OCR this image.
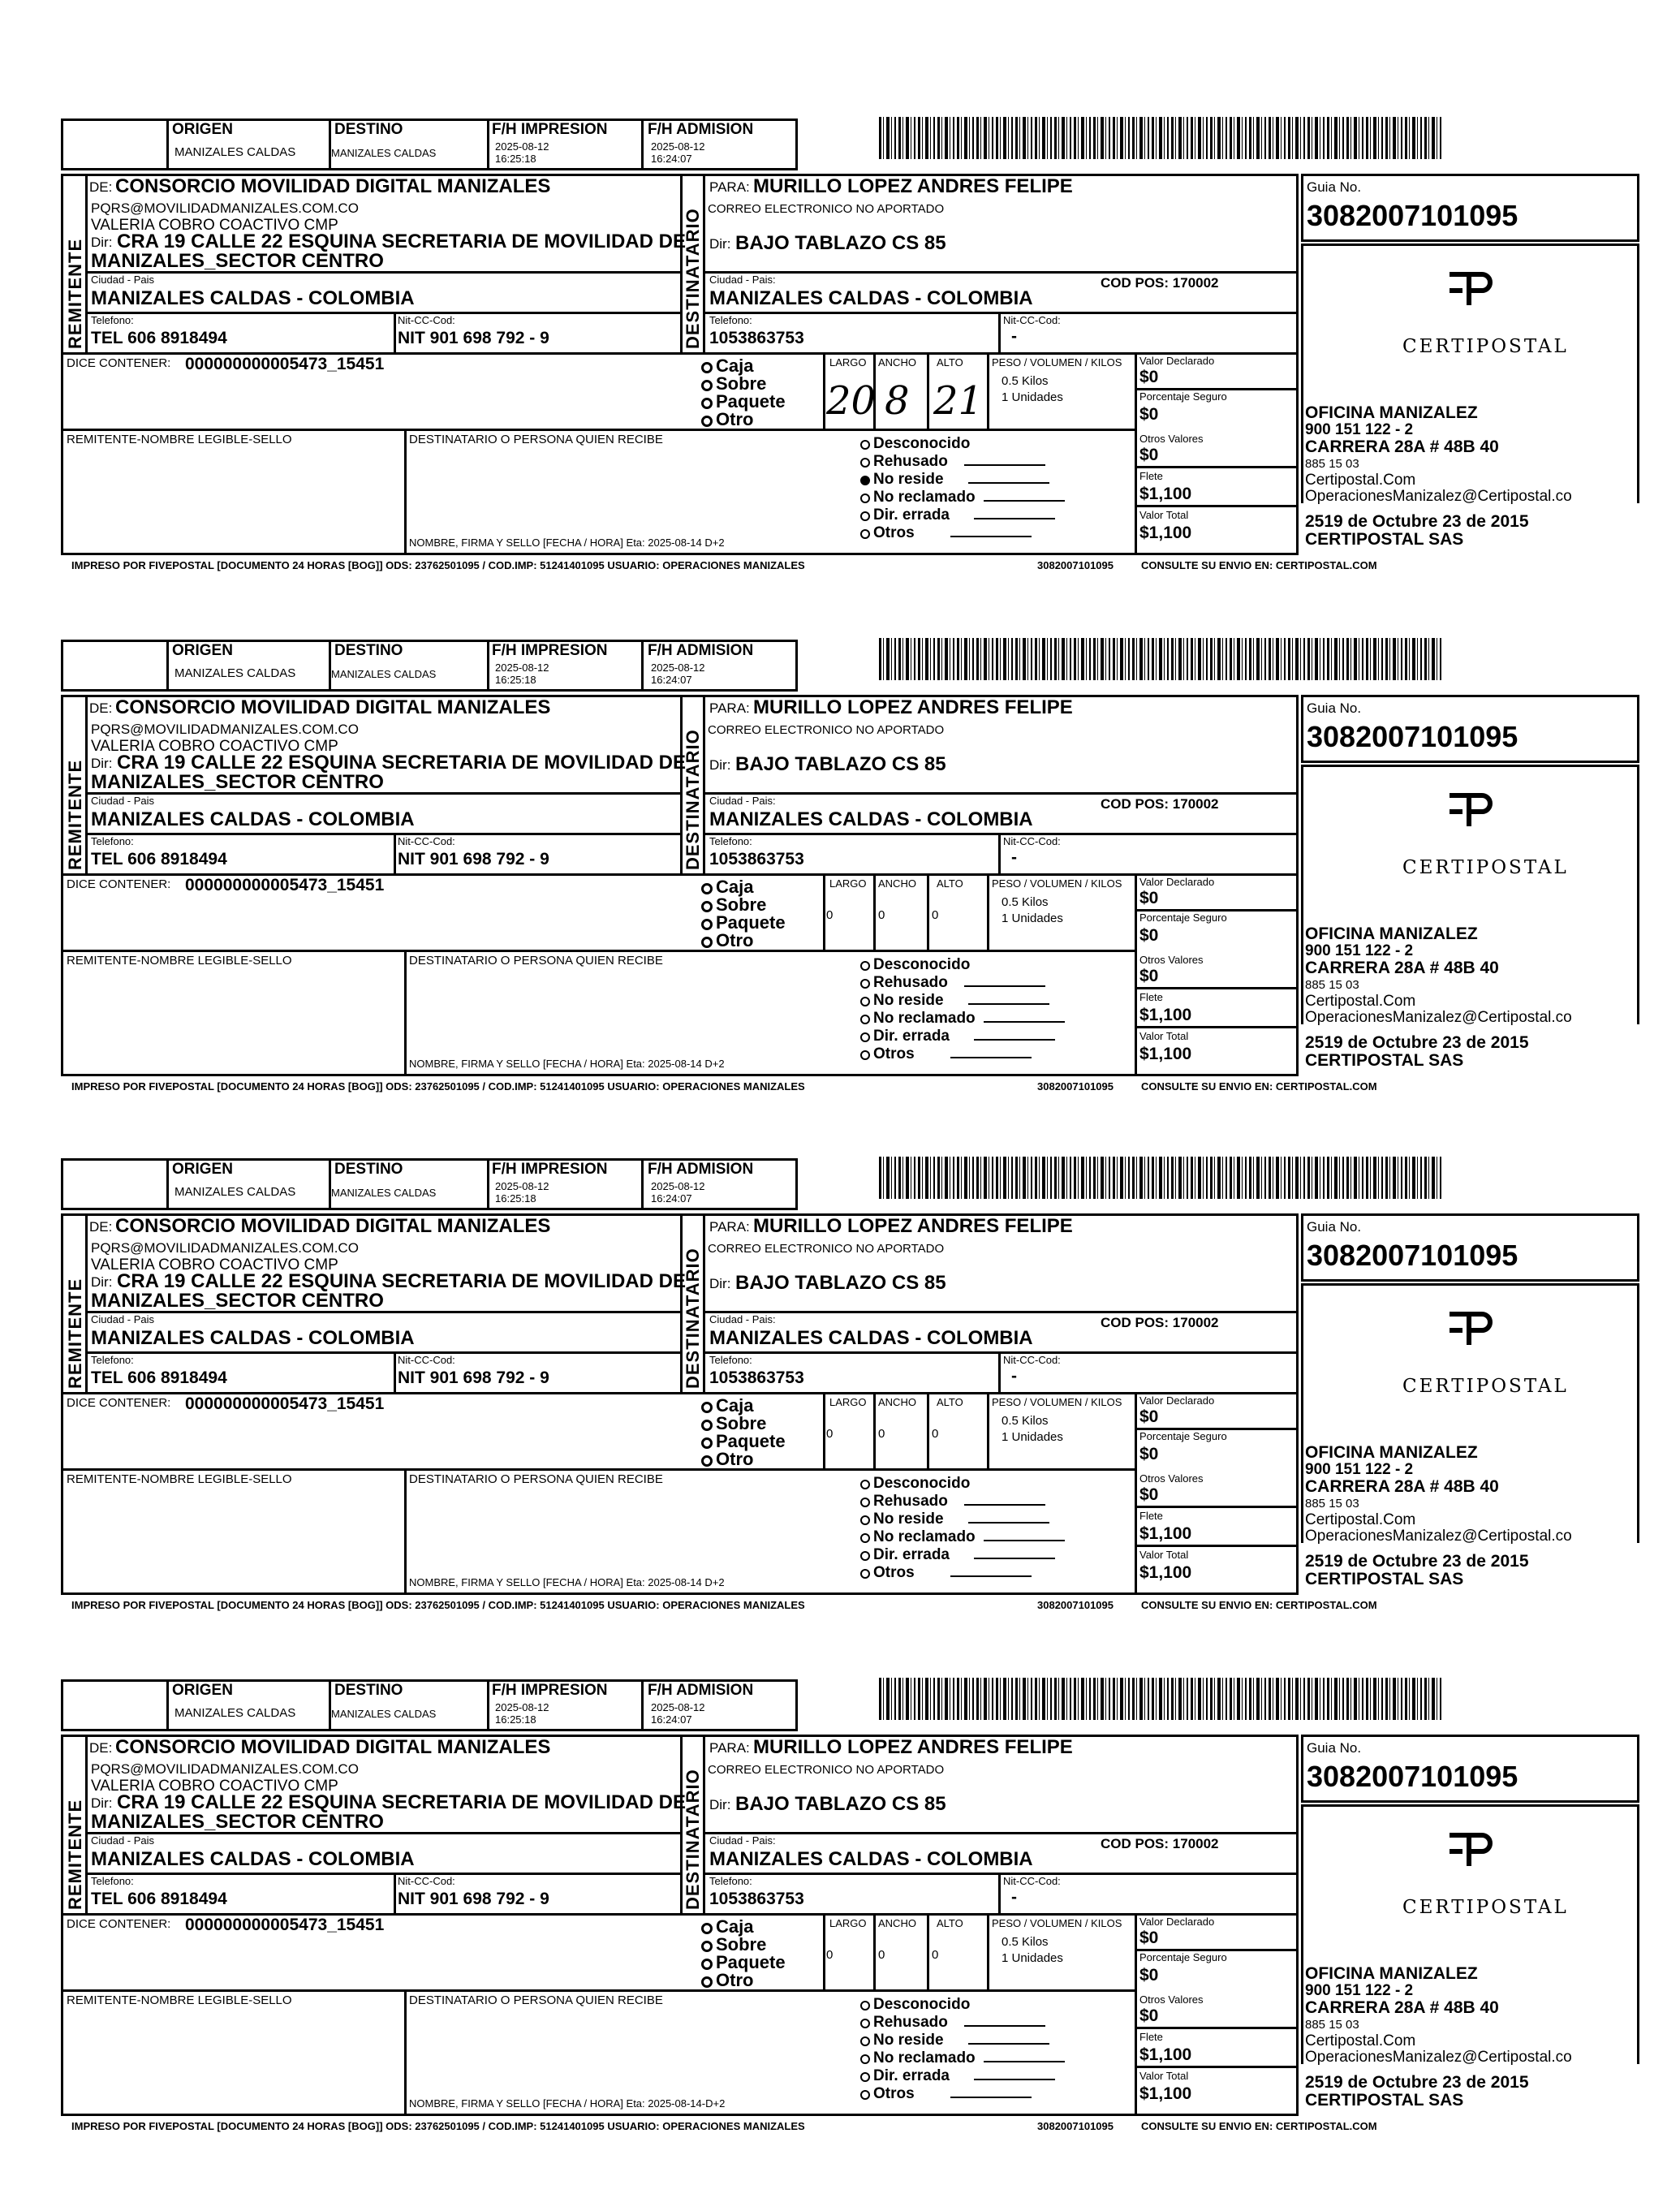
ORIGEN
MANIZALES CALDAS
DESTINO
MANIZALES CALDAS
F/H IMPRESION
2025-08-12
16:25:18
F/H ADMISION
2025-08-12
16:24:07
REMITENTE	DESTINATARIO
DE: CONSORCIO MOVILIDAD DIGITAL MANIZALES
PQRS@MOVILIDADMANIZALES.COM.CO
VALERIA COBRO COACTIVO CMP
Dir: CRA 19 CALLE 22 ESQUINA SECRETARIA DE MOVILIDAD DE
MANIZALES_SECTOR CENTRO
Ciudad - Pais
MANIZALES CALDAS - COLOMBIA
Telefono:
TEL 606 8918494
Nit-CC-Cod:
NIT 901 698 792 - 9
PARA: MURILLO LOPEZ ANDRES FELIPE
CORREO ELECTRONICO NO APORTADO
Dir: BAJO TABLAZO CS 85
Ciudad - Pais:	COD POS: 170002
MANIZALES CALDAS - COLOMBIA
Telefono:
1053863753
Nit-CC-Cod:
-
DICE CONTENER: 000000000005473_15451	Caja
Sobre
Paquete
Otro
LARGO ANCHO ALTO
20 8 21
PESO / VOLUMEN / KILOS
0.5 Kilos
1 Unidades
Valor Declarado
$0
Porcentaje Seguro
$0
Otros Valores
$0
Flete
$1,100
Valor Total
$1,100
REMITENTE-NOMBRE LEGIBLE-SELLO	DESTINATARIO O PERSONA QUIEN RECIBE
NOMBRE, FIRMA Y SELLO [FECHA / HORA] Eta: 2025-08-14 D+2
Desconocido
Rehusado
No reside
No reclamado
Dir. errada
Otros
Guia No.
3082007101095
CERTIPOSTAL
OFICINA MANIZALEZ
900 151 122 - 2
CARRERA 28A # 48B 40
885 15 03
Certipostal.Com
OperacionesManizalez@Certipostal.co
2519 de Octubre 23 de 2015
CERTIPOSTAL SAS
IMPRESO POR FIVEPOSTAL [DOCUMENTO 24 HORAS [BOG]] ODS: 23762501095 / COD.IMP: 51241401095 USUARIO: OPERACIONES MANIZALES	3082007101095	CONSULTE SU ENVIO EN: CERTIPOSTAL.COM
ORIGEN
MANIZALES CALDAS
DESTINO
MANIZALES CALDAS
F/H IMPRESION
2025-08-12
16:25:18
F/H ADMISION
2025-08-12
16:24:07
REMITENTE	DESTINATARIO
DE: CONSORCIO MOVILIDAD DIGITAL MANIZALES
PQRS@MOVILIDADMANIZALES.COM.CO
VALERIA COBRO COACTIVO CMP
Dir: CRA 19 CALLE 22 ESQUINA SECRETARIA DE MOVILIDAD DE
MANIZALES_SECTOR CENTRO
Ciudad - Pais
MANIZALES CALDAS - COLOMBIA
Telefono:
TEL 606 8918494
Nit-CC-Cod:
NIT 901 698 792 - 9
PARA: MURILLO LOPEZ ANDRES FELIPE
CORREO ELECTRONICO NO APORTADO
Dir: BAJO TABLAZO CS 85
Ciudad - Pais:	COD POS: 170002
MANIZALES CALDAS - COLOMBIA
Telefono:
1053863753
Nit-CC-Cod:
-
DICE CONTENER: 000000000005473_15451	Caja
Sobre
Paquete
Otro
LARGO ANCHO ALTO
0	0	0
PESO / VOLUMEN / KILOS
0.5 Kilos
1 Unidades
Valor Declarado
$0
Porcentaje Seguro
$0
Otros Valores
$0
Flete
$1,100
Valor Total
$1,100
REMITENTE-NOMBRE LEGIBLE-SELLO	DESTINATARIO O PERSONA QUIEN RECIBE
NOMBRE, FIRMA Y SELLO [FECHA / HORA] Eta: 2025-08-14 D+2
Desconocido
Rehusado
No reside
No reclamado
Dir. errada
Otros
Guia No.
3082007101095
CERTIPOSTAL
OFICINA MANIZALEZ
900 151 122 - 2
CARRERA 28A # 48B 40
885 15 03
Certipostal.Com
OperacionesManizalez@Certipostal.co
2519 de Octubre 23 de 2015
CERTIPOSTAL SAS
IMPRESO POR FIVEPOSTAL [DOCUMENTO 24 HORAS [BOG]] ODS: 23762501095 / COD.IMP: 51241401095 USUARIO: OPERACIONES MANIZALES	3082007101095	CONSULTE SU ENVIO EN: CERTIPOSTAL.COM
ORIGEN
MANIZALES CALDAS
DESTINO
MANIZALES CALDAS
F/H IMPRESION
2025-08-12
16:25:18
F/H ADMISION
2025-08-12
16:24:07
REMITENTE	DESTINATARIO
DE: CONSORCIO MOVILIDAD DIGITAL MANIZALES
PQRS@MOVILIDADMANIZALES.COM.CO
VALERIA COBRO COACTIVO CMP
Dir: CRA 19 CALLE 22 ESQUINA SECRETARIA DE MOVILIDAD DE
MANIZALES_SECTOR CENTRO
Ciudad - Pais
MANIZALES CALDAS - COLOMBIA
Telefono:
TEL 606 8918494
Nit-CC-Cod:
NIT 901 698 792 - 9
PARA: MURILLO LOPEZ ANDRES FELIPE
CORREO ELECTRONICO NO APORTADO
Dir: BAJO TABLAZO CS 85
Ciudad - Pais:	COD POS: 170002
MANIZALES CALDAS - COLOMBIA
Telefono:
1053863753
Nit-CC-Cod:
-
DICE CONTENER: 000000000005473_15451	Caja
Sobre
Paquete
Otro
LARGO ANCHO ALTO
0	0	0
PESO / VOLUMEN / KILOS
0.5 Kilos
1 Unidades
Valor Declarado
$0
Porcentaje Seguro
$0
Otros Valores
$0
Flete
$1,100
Valor Total
$1,100
REMITENTE-NOMBRE LEGIBLE-SELLO	DESTINATARIO O PERSONA QUIEN RECIBE
NOMBRE, FIRMA Y SELLO [FECHA / HORA] Eta: 2025-08-14 D+2
Desconocido
Rehusado
No reside
No reclamado
Dir. errada
Otros
Guia No.
3082007101095
CERTIPOSTAL
OFICINA MANIZALEZ
900 151 122 - 2
CARRERA 28A # 48B 40
885 15 03
Certipostal.Com
OperacionesManizalez@Certipostal.co
2519 de Octubre 23 de 2015
CERTIPOSTAL SAS
IMPRESO POR FIVEPOSTAL [DOCUMENTO 24 HORAS [BOG]] ODS: 23762501095 / COD.IMP: 51241401095 USUARIO: OPERACIONES MANIZALES	3082007101095	CONSULTE SU ENVIO EN: CERTIPOSTAL.COM
ORIGEN
MANIZALES CALDAS
DESTINO
MANIZALES CALDAS
F/H IMPRESION
2025-08-12
16:25:18
F/H ADMISION
2025-08-12
16:24:07
REMITENTE	DESTINATARIO
DE: CONSORCIO MOVILIDAD DIGITAL MANIZALES
PQRS@MOVILIDADMANIZALES.COM.CO
VALERIA COBRO COACTIVO CMP
Dir: CRA 19 CALLE 22 ESQUINA SECRETARIA DE MOVILIDAD DE
MANIZALES_SECTOR CENTRO
Ciudad - Pais
MANIZALES CALDAS - COLOMBIA
Telefono:
TEL 606 8918494
Nit-CC-Cod:
NIT 901 698 792 - 9
PARA: MURILLO LOPEZ ANDRES FELIPE
CORREO ELECTRONICO NO APORTADO
Dir: BAJO TABLAZO CS 85
Ciudad - Pais:	COD POS: 170002
MANIZALES CALDAS - COLOMBIA
Telefono:
1053863753
Nit-CC-Cod:
-
DICE CONTENER: 000000000005473_15451	Caja
Sobre
Paquete
Otro
LARGO ANCHO ALTO
0	0	0
PESO / VOLUMEN / KILOS
0.5 Kilos
1 Unidades
Valor Declarado
$0
Porcentaje Seguro
$0
Otros Valores
$0
Flete
$1,100
Valor Total
$1,100
REMITENTE-NOMBRE LEGIBLE-SELLO	DESTINATARIO O PERSONA QUIEN RECIBE
NOMBRE, FIRMA Y SELLO [FECHA / HORA] Eta: 2025-08-14-D+2
Desconocido
Rehusado
No reside
No reclamado
Dir. errada
Otros
Guia No.
3082007101095
CERTIPOSTAL
OFICINA MANIZALEZ
900 151 122 - 2
CARRERA 28A # 48B 40
885 15 03
Certipostal.Com
OperacionesManizalez@Certipostal.co
2519 de Octubre 23 de 2015
CERTIPOSTAL SAS
IMPRESO POR FIVEPOSTAL [DOCUMENTO 24 HORAS [BOG]] ODS: 23762501095 / COD.IMP: 51241401095 USUARIO: OPERACIONES MANIZALES	3082007101095	CONSULTE SU ENVIO EN: CERTIPOSTAL.COM
